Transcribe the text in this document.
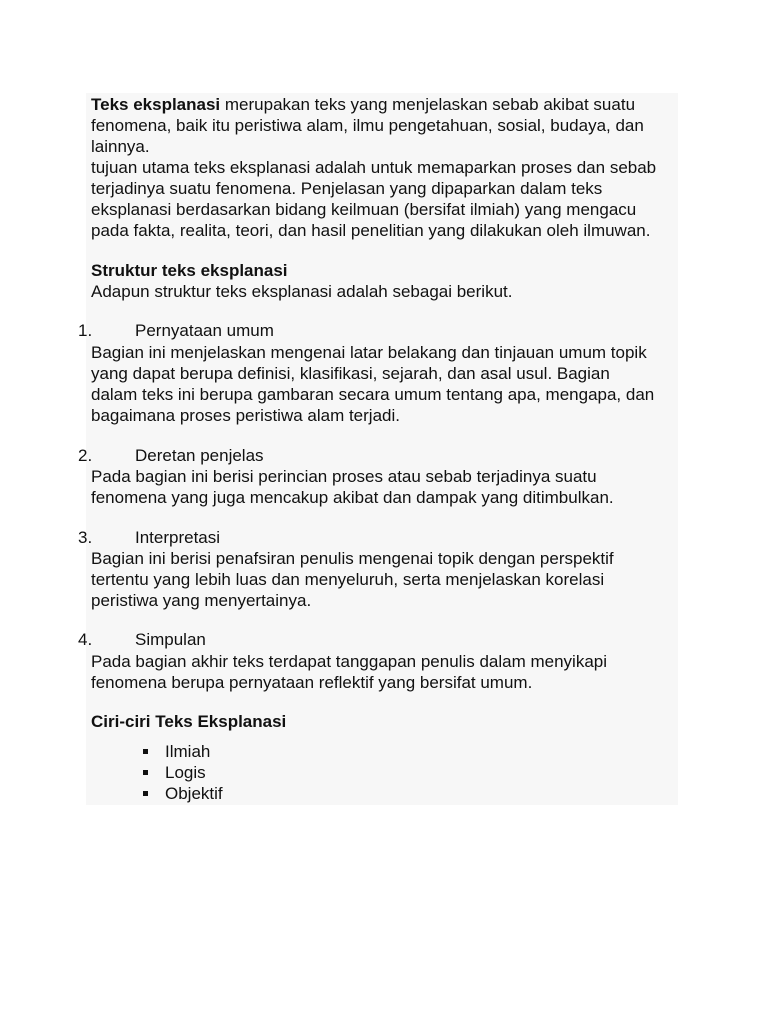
Teks eksplanasi merupakan teks yang menjelaskan sebab akibat suatu
fenomena, baik itu peristiwa alam, ilmu pengetahuan, sosial, budaya, dan
lainnya.
tujuan utama teks eksplanasi adalah untuk memaparkan proses dan sebab
terjadinya suatu fenomena. Penjelasan yang dipaparkan dalam teks
eksplanasi berdasarkan bidang keilmuan (bersifat ilmiah) yang mengacu
pada fakta, realita, teori, dan hasil penelitian yang dilakukan oleh ilmuwan.
Struktur teks eksplanasi
Adapun struktur teks eksplanasi adalah sebagai berikut.
1.	Pernyataan umum
Bagian ini menjelaskan mengenai latar belakang dan tinjauan umum topik
yang dapat berupa definisi, klasifikasi, sejarah, dan asal usul. Bagian
dalam teks ini berupa gambaran secara umum tentang apa, mengapa, dan
bagaimana proses peristiwa alam terjadi.
2.	Deretan penjelas
Pada bagian ini berisi perincian proses atau sebab terjadinya suatu
fenomena yang juga mencakup akibat dan dampak yang ditimbulkan.
3.	Interpretasi
Bagian ini berisi penafsiran penulis mengenai topik dengan perspektif
tertentu yang lebih luas dan menyeluruh, serta menjelaskan korelasi
peristiwa yang menyertainya.
4.	Simpulan
Pada bagian akhir teks terdapat tanggapan penulis dalam menyikapi
fenomena berupa pernyataan reflektif yang bersifat umum.
Ciri-ciri Teks Eksplanasi
Ilmiah
Logis
Objektif
